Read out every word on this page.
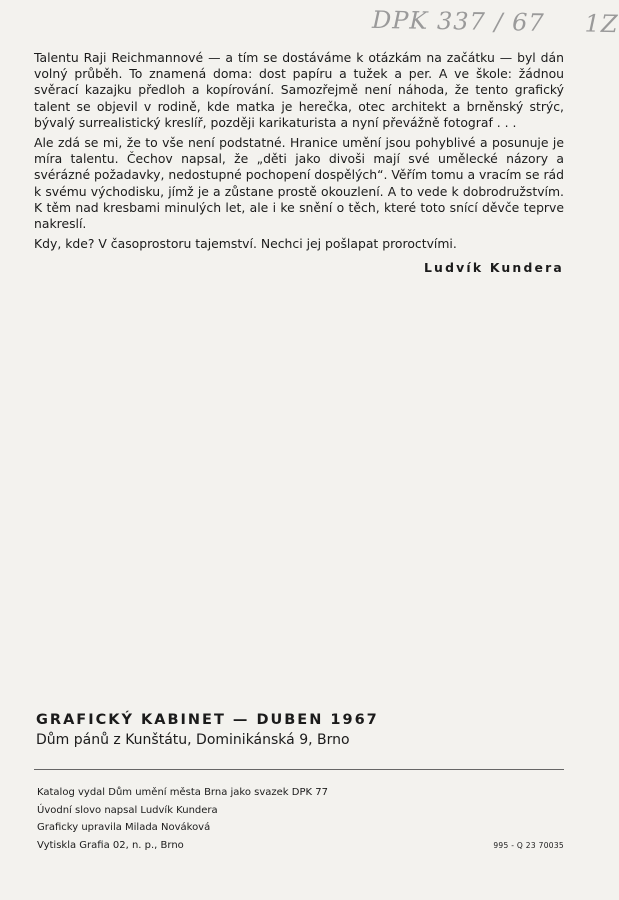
DPK 337 / 67 1Z

Talentu Raji Reichmannové — a tím se dostáváme k otázkám na začátku — byl dán volný průběh. To znamená doma: dost papíru a tužek a per. A ve škole: žádnou svěrací kazajku předloh a kopírování. Samozřejmě není náhoda, že tento grafický talent se objevil v rodině, kde matka je herečka, otec architekt a brněnský strýc, bývalý surrealistický kreslíř, později karikaturista a nyní převážně fotograf . . .

Ale zdá se mi, že to vše není podstatné. Hranice umění jsou pohyblivé a posunuje je míra talentu. Čechov napsal, že „děti jako divoši mají své umělecké názory a svérázné požadavky, nedostupné pochopení dospělých“. Věřím tomu a vracím se rád k svému východisku, jímž je a zůstane prostě okouzlení. A to vede k dobrodružstvím. K těm nad kresbami minulých let, ale i ke snění o těch, které toto snící děvče teprve nakreslí.

Kdy, kde? V časoprostoru tajemství. Nechci jej pošlapat proroctvími.

Ludvík Kundera
GRAFICKÝ KABINET — DUBEN 1967
Dům pánů z Kunštátu, Dominikánská 9, Brno
Katalog vydal Dům umění města Brna jako svazek DPK 77
Úvodní slovo napsal Ludvík Kundera
Graficky upravila Milada Nováková
Vytiskla Grafia 02, n. p., Brno	995 - Q 23 70035
